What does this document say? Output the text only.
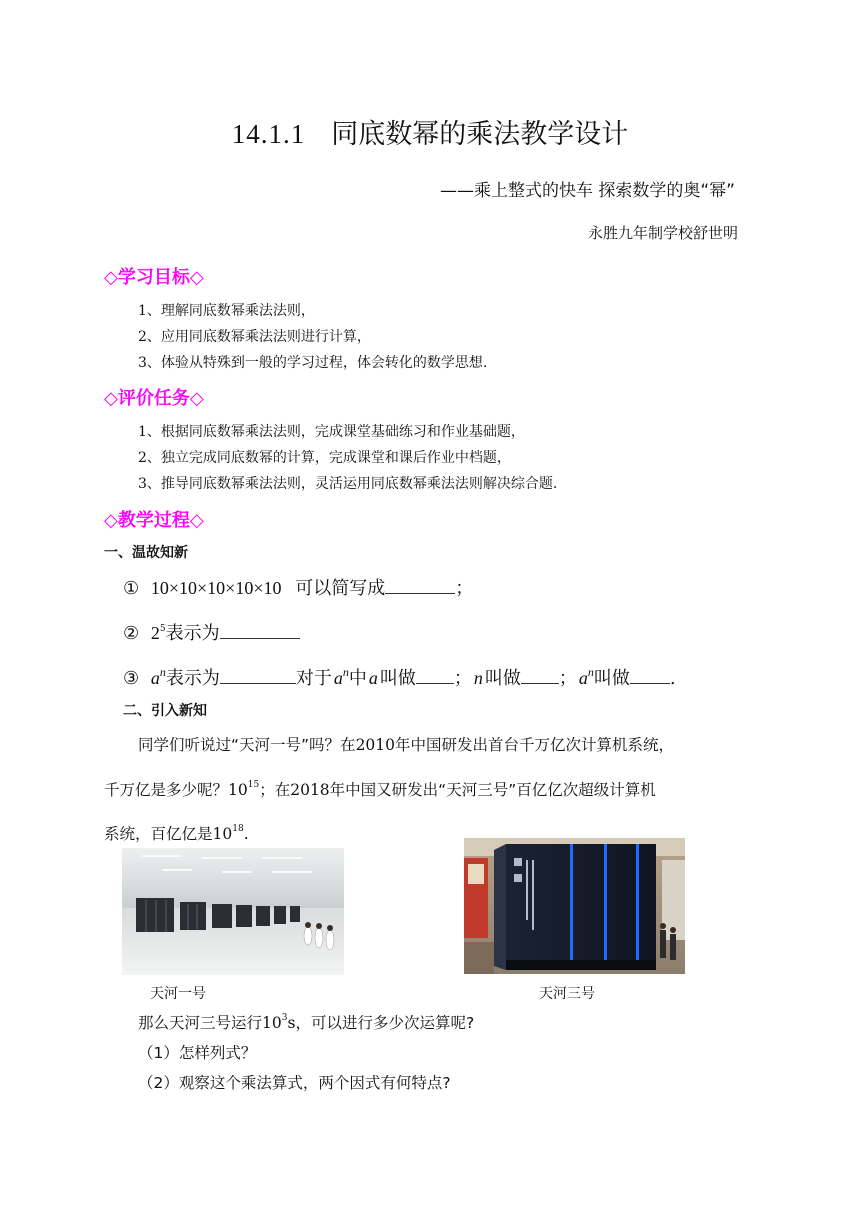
14.1.1 同底数幂的乘法教学设计
——乘上整式的快车 探索数学的奥“幂”
永胜九年制学校舒世明
◇学习目标◇
1、理解同底数幂乘法法则，
2、应用同底数幂乘法法则进行计算，
3、体验从特殊到一般的学习过程，体会转化的数学思想.
◇评价任务◇
1、根据同底数幂乘法法则，完成课堂基础练习和作业基础题，
2、独立完成同底数幂的计算，完成课堂和课后作业中档题，
3、推导同底数幂乘法法则，灵活运用同底数幂乘法法则解决综合题.
◇教学过程◇
一、温故知新
① 10×10×10×10×10 可以简写成	；
② $2^5$表示为
③ $a^n$表示为	对于 $a^n$中 a 叫做 ； n 叫做 ； $a^n$叫做 .
二、引入新知
同学们听说过“天河一号”吗？在2010年中国研发出首台千万亿次计算机系统，
千万亿是多少呢？$10^{15}$；在2018年中国又研发出“天河三号”百亿亿次超级计算机
系统，百亿亿是$10^{18}$.
天河一号	天河三号
那么天河三号运行$10^3s$，可以进行多少次运算呢?
（1）怎样列式？
（2）观察这个乘法算式，两个因式有何特点?
